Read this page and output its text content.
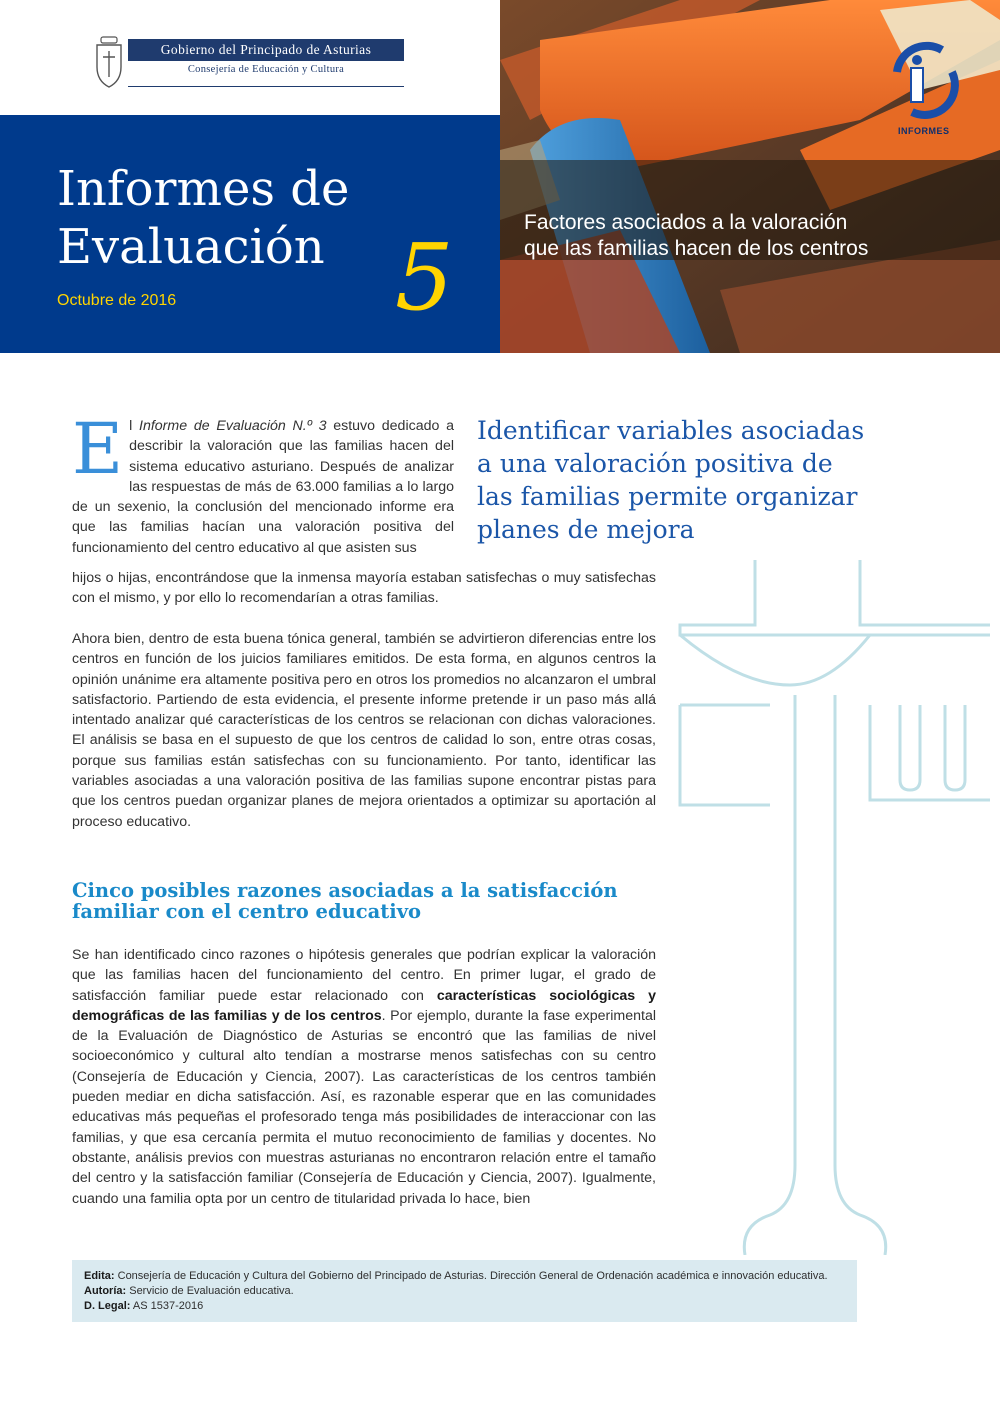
Gobierno del Principado de Asturias
Consejería de Educación y Cultura
Informes de
Evaluación
Octubre de 2016 5
Factores asociados a la valoración
que las familias hacen de los centros
INFORMES

El Informe de Evaluación N.º 3 estuvo dedicado a describir la valoración que las familias hacen del sistema educativo asturiano. Después de analizar las respuestas de más de 63.000 familias a lo largo de un sexenio, la conclusión del mencionado informe era que las familias hacían una valoración positiva del funcionamiento del centro educativo al que asisten sus

hijos o hijas, encontrándose que la inmensa mayoría estaban satisfechas o muy satisfechas con el mismo, y por ello lo recomendarían a otras familias.

Identificar variables asociadas a una valoración positiva de las familias permite organizar planes de mejora

Ahora bien, dentro de esta buena tónica general, también se advirtieron diferencias entre los centros en función de los juicios familiares emitidos. De esta forma, en algunos centros la opinión unánime era altamente positiva pero en otros los promedios no alcanzaron el umbral satisfactorio. Partiendo de esta evidencia, el presente informe pretende ir un paso más allá intentado analizar qué características de los centros se relacionan con dichas valoraciones. El análisis se basa en el supuesto de que los centros de calidad lo son, entre otras cosas, porque sus familias están satisfechas con su funcionamiento. Por tanto, identificar las variables asociadas a una valoración positiva de las familias supone encontrar pistas para que los centros puedan organizar planes de mejora orientados a optimizar su aportación al proceso educativo.

Cinco posibles razones asociadas a la satisfacción
familiar con el centro educativo

Se han identificado cinco razones o hipótesis generales que podrían explicar la valoración que las familias hacen del funcionamiento del centro. En primer lugar, el grado de satisfacción familiar puede estar relacionado con características sociológicas y demográficas de las familias y de los centros. Por ejemplo, durante la fase experimental de la Evaluación de Diagnóstico de Asturias se encontró que las familias de nivel socioeconómico y cultural alto tendían a mostrarse menos satisfechas con su centro (Consejería de Educación y Ciencia, 2007). Las características de los centros también pueden mediar en dicha satisfacción. Así, es razonable esperar que en las comunidades educativas más pequeñas el profesorado tenga más posibilidades de interaccionar con las familias, y que esa cercanía permita el mutuo reconocimiento de familias y docentes. No obstante, análisis previos con muestras asturianas no encontraron relación entre el tamaño del centro y la satisfacción familiar (Consejería de Educación y Ciencia, 2007). Igualmente, cuando una familia opta por un centro de titularidad privada lo hace, bien

Edita: Consejería de Educación y Cultura del Gobierno del Principado de Asturias. Dirección General de Ordenación académica e innovación educativa.
Autoría: Servicio de Evaluación educativa.
D. Legal: AS 1537-2016
